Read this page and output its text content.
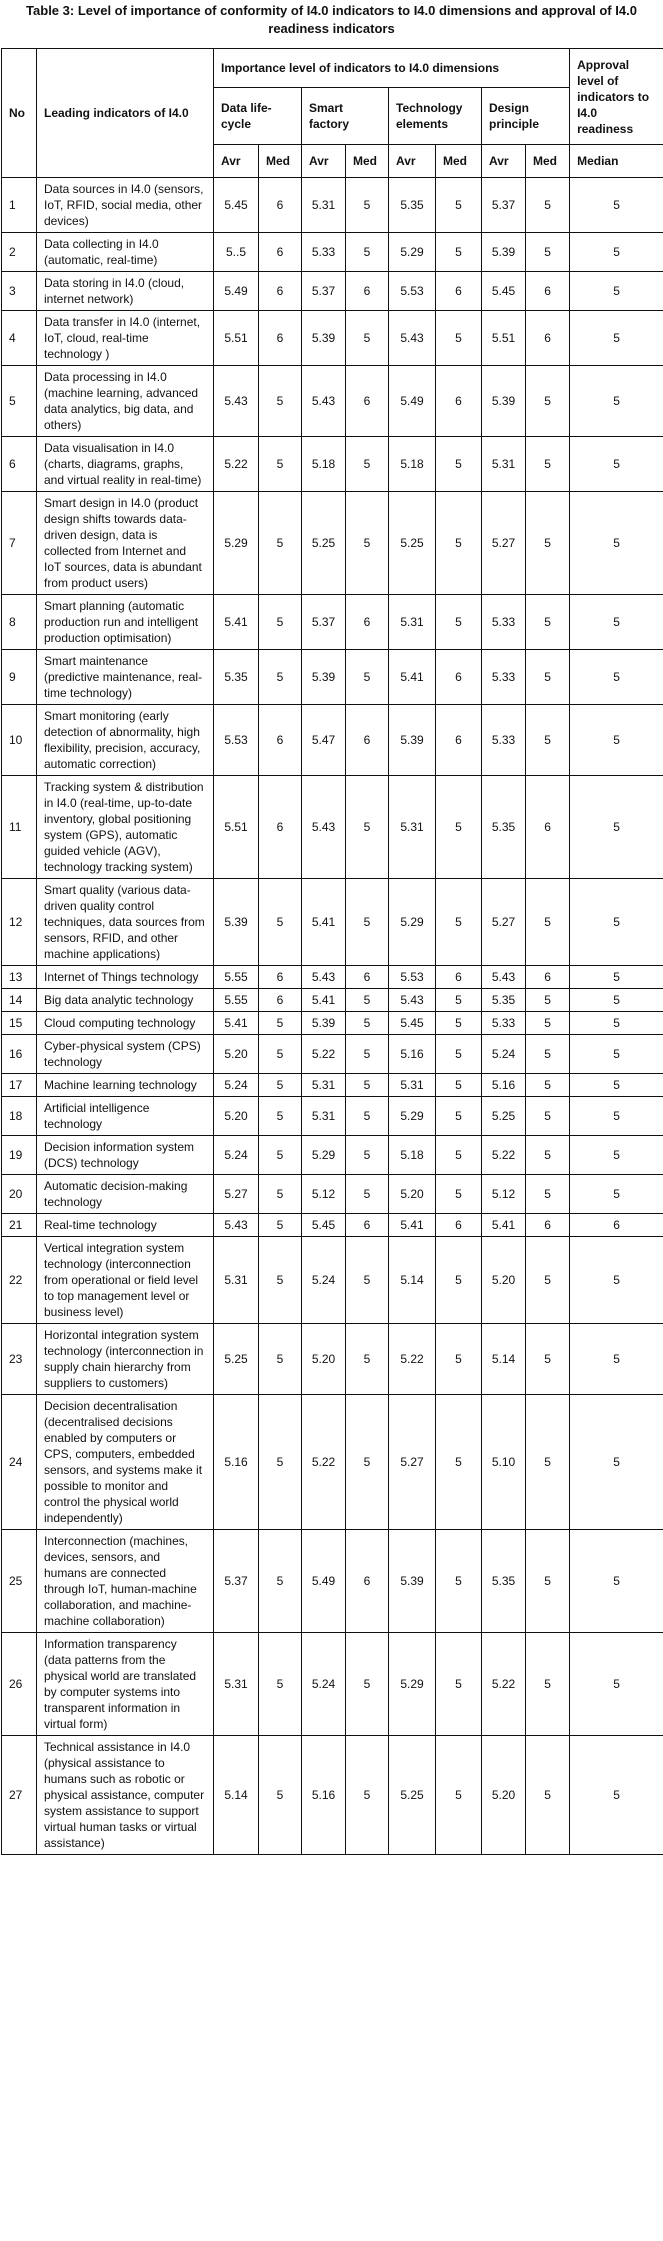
Table 3: Level of importance of conformity of I4.0 indicators to I4.0 dimensions and approval of I4.0 readiness indicators
No	Leading indicators of I4.0	Importance level of indicators to I4.0 dimensions								Approval level of indicators to I4.0 readiness
		Data life-cycle		Smart factory		Technology elements		Design principle		
		Avr	Med	Avr	Med	Avr	Med	Avr	Med	Median
1	Data sources in I4.0 (sensors, IoT, RFID, social media, other devices)	5.45	6	5.31	5	5.35	5	5.37	5	5
2	Data collecting in I4.0 (automatic, real-time)	5..5	6	5.33	5	5.29	5	5.39	5	5
3	Data storing in I4.0 (cloud, internet network)	5.49	6	5.37	6	5.53	6	5.45	6	5
4	Data transfer in I4.0 (internet, IoT, cloud, real-time technology )	5.51	6	5.39	5	5.43	5	5.51	6	5
5	Data processing in I4.0 (machine learning, advanced data analytics, big data, and others)	5.43	5	5.43	6	5.49	6	5.39	5	5
6	Data visualisation in I4.0 (charts, diagrams, graphs, and virtual reality in real-time)	5.22	5	5.18	5	5.18	5	5.31	5	5
7	Smart design in I4.0 (product design shifts towards data-driven design, data is collected from Internet and IoT sources, data is abundant from product users)	5.29	5	5.25	5	5.25	5	5.27	5	5
8	Smart planning (automatic production run and intelligent production optimisation)	5.41	5	5.37	6	5.31	5	5.33	5	5
9	Smart maintenance (predictive maintenance, real-time technology)	5.35	5	5.39	5	5.41	6	5.33	5	5
10	Smart monitoring (early detection of abnormality, high flexibility, precision, accuracy, automatic correction)	5.53	6	5.47	6	5.39	6	5.33	5	5
11	Tracking system & distribution in I4.0 (real-time, up-to-date inventory, global positioning system (GPS), automatic guided vehicle (AGV), technology tracking system)	5.51	6	5.43	5	5.31	5	5.35	6	5
12	Smart quality (various data-driven quality control techniques, data sources from sensors, RFID, and other machine applications)	5.39	5	5.41	5	5.29	5	5.27	5	5
13	Internet of Things technology	5.55	6	5.43	6	5.53	6	5.43	6	5
14	Big data analytic technology	5.55	6	5.41	5	5.43	5	5.35	5	5
15	Cloud computing technology	5.41	5	5.39	5	5.45	5	5.33	5	5
16	Cyber-physical system (CPS) technology	5.20	5	5.22	5	5.16	5	5.24	5	5
17	Machine learning technology	5.24	5	5.31	5	5.31	5	5.16	5	5
18	Artificial intelligence technology	5.20	5	5.31	5	5.29	5	5.25	5	5
19	Decision information system (DCS) technology	5.24	5	5.29	5	5.18	5	5.22	5	5
20	Automatic decision-making technology	5.27	5	5.12	5	5.20	5	5.12	5	5
21	Real-time technology	5.43	5	5.45	6	5.41	6	5.41	6	6
22	Vertical integration system technology (interconnection from operational or field level to top management level or business level)	5.31	5	5.24	5	5.14	5	5.20	5	5
23	Horizontal integration system technology (interconnection in supply chain hierarchy from suppliers to customers)	5.25	5	5.20	5	5.22	5	5.14	5	5
24	Decision decentralisation (decentralised decisions enabled by computers or CPS, computers, embedded sensors, and systems make it possible to monitor and control the physical world independently)	5.16	5	5.22	5	5.27	5	5.10	5	5
25	Interconnection (machines, devices, sensors, and humans are connected through IoT, human-machine collaboration, and machine-machine collaboration)	5.37	5	5.49	6	5.39	5	5.35	5	5
26	Information transparency (data patterns from the physical world are translated by computer systems into transparent information in virtual form)	5.31	5	5.24	5	5.29	5	5.22	5	5
27	Technical assistance in I4.0 (physical assistance to humans such as robotic or physical assistance, computer system assistance to support virtual human tasks or virtual assistance)	5.14	5	5.16	5	5.25	5	5.20	5	5
